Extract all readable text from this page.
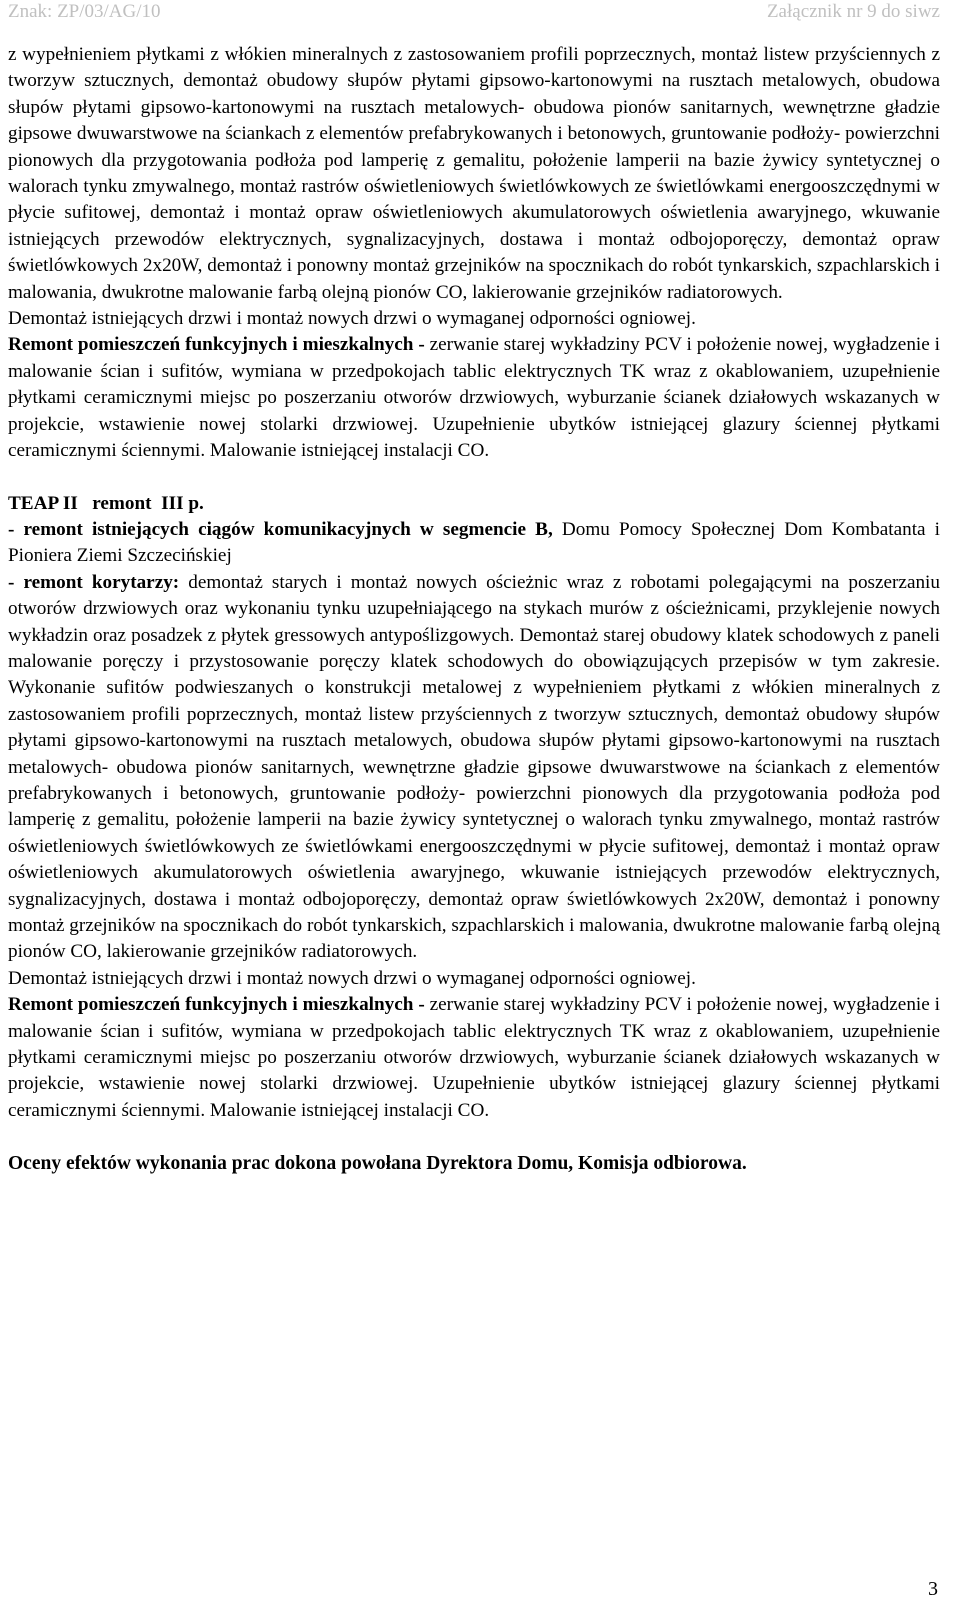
Znak: ZP/03/AG/10	Załącznik nr 9 do siwz

z wypełnieniem płytkami z włókien mineralnych z zastosowaniem profili poprzecznych, montaż listew przyściennych z tworzyw sztucznych, demontaż obudowy słupów płytami gipsowo-kartonowymi na rusztach metalowych, obudowa słupów płytami gipsowo-kartonowymi na rusztach metalowych- obudowa pionów sanitarnych, wewnętrzne gładzie gipsowe dwuwarstwowe na ściankach z elementów prefabrykowanych i betonowych, gruntowanie podłoży- powierzchni pionowych dla przygotowania podłoża pod lamperię z gemalitu, położenie lamperii na bazie żywicy syntetycznej o walorach tynku zmywalnego, montaż rastrów oświetleniowych świetlówkowych ze świetlówkami energooszczędnymi w płycie sufitowej, demontaż i montaż opraw oświetleniowych akumulatorowych oświetlenia awaryjnego, wkuwanie istniejących przewodów elektrycznych, sygnalizacyjnych, dostawa i montaż odbojoporęczy, demontaż opraw świetlówkowych 2x20W, demontaż i ponowny montaż grzejników na spocznikach do robót tynkarskich, szpachlarskich i malowania, dwukrotne malowanie farbą olejną pionów CO, lakierowanie grzejników radiatorowych.

Demontaż istniejących drzwi i montaż nowych drzwi o wymaganej odporności ogniowej.

Remont pomieszczeń funkcyjnych i mieszkalnych - zerwanie starej wykładziny PCV i położenie nowej, wygładzenie i malowanie ścian i sufitów, wymiana w przedpokojach tablic elektrycznych TK wraz z okablowaniem, uzupełnienie płytkami ceramicznymi miejsc po poszerzaniu otworów drzwiowych, wyburzanie ścianek działowych wskazanych w projekcie, wstawienie nowej stolarki drzwiowej. Uzupełnienie ubytków istniejącej glazury ściennej płytkami ceramicznymi ściennymi. Malowanie istniejącej instalacji CO.

TEAP II   remont  III p.

- remont istniejących ciągów komunikacyjnych w segmencie B, Domu Pomocy Społecznej Dom Kombatanta i Pioniera Ziemi Szczecińskiej

- remont korytarzy: demontaż starych i montaż nowych ościeżnic wraz z robotami polegającymi na poszerzaniu otworów drzwiowych oraz wykonaniu tynku uzupełniającego na stykach murów z ościeżnicami, przyklejenie nowych wykładzin oraz posadzek z płytek gressowych antypoślizgowych. Demontaż starej obudowy klatek schodowych z paneli malowanie poręczy i przystosowanie poręczy klatek schodowych do obowiązujących przepisów w tym zakresie. Wykonanie sufitów podwieszanych o konstrukcji metalowej z wypełnieniem płytkami z włókien mineralnych z zastosowaniem profili poprzecznych, montaż listew przyściennych z tworzyw sztucznych, demontaż obudowy słupów płytami gipsowo-kartonowymi na rusztach metalowych, obudowa słupów płytami gipsowo-kartonowymi na rusztach metalowych- obudowa pionów sanitarnych, wewnętrzne gładzie gipsowe dwuwarstwowe na ściankach z elementów prefabrykowanych i betonowych, gruntowanie podłoży- powierzchni pionowych dla przygotowania podłoża pod lamperię z gemalitu, położenie lamperii na bazie żywicy syntetycznej o walorach tynku zmywalnego, montaż rastrów oświetleniowych świetlówkowych ze świetlówkami energooszczędnymi w płycie sufitowej, demontaż i montaż opraw oświetleniowych akumulatorowych oświetlenia awaryjnego, wkuwanie istniejących przewodów elektrycznych, sygnalizacyjnych, dostawa i montaż odbojoporęczy, demontaż opraw świetlówkowych 2x20W, demontaż i ponowny montaż grzejników na spocznikach do robót tynkarskich, szpachlarskich i malowania, dwukrotne malowanie farbą olejną pionów CO, lakierowanie grzejników radiatorowych.

Demontaż istniejących drzwi i montaż nowych drzwi o wymaganej odporności ogniowej.

Remont pomieszczeń funkcyjnych i mieszkalnych - zerwanie starej wykładziny PCV i położenie nowej, wygładzenie i malowanie ścian i sufitów, wymiana w przedpokojach tablic elektrycznych TK wraz z okablowaniem, uzupełnienie płytkami ceramicznymi miejsc po poszerzaniu otworów drzwiowych, wyburzanie ścianek działowych wskazanych w projekcie, wstawienie nowej stolarki drzwiowej. Uzupełnienie ubytków istniejącej glazury ściennej płytkami ceramicznymi ściennymi. Malowanie istniejącej instalacji CO.

Oceny efektów wykonania prac dokona powołana Dyrektora Domu, Komisja odbiorowa.
3
